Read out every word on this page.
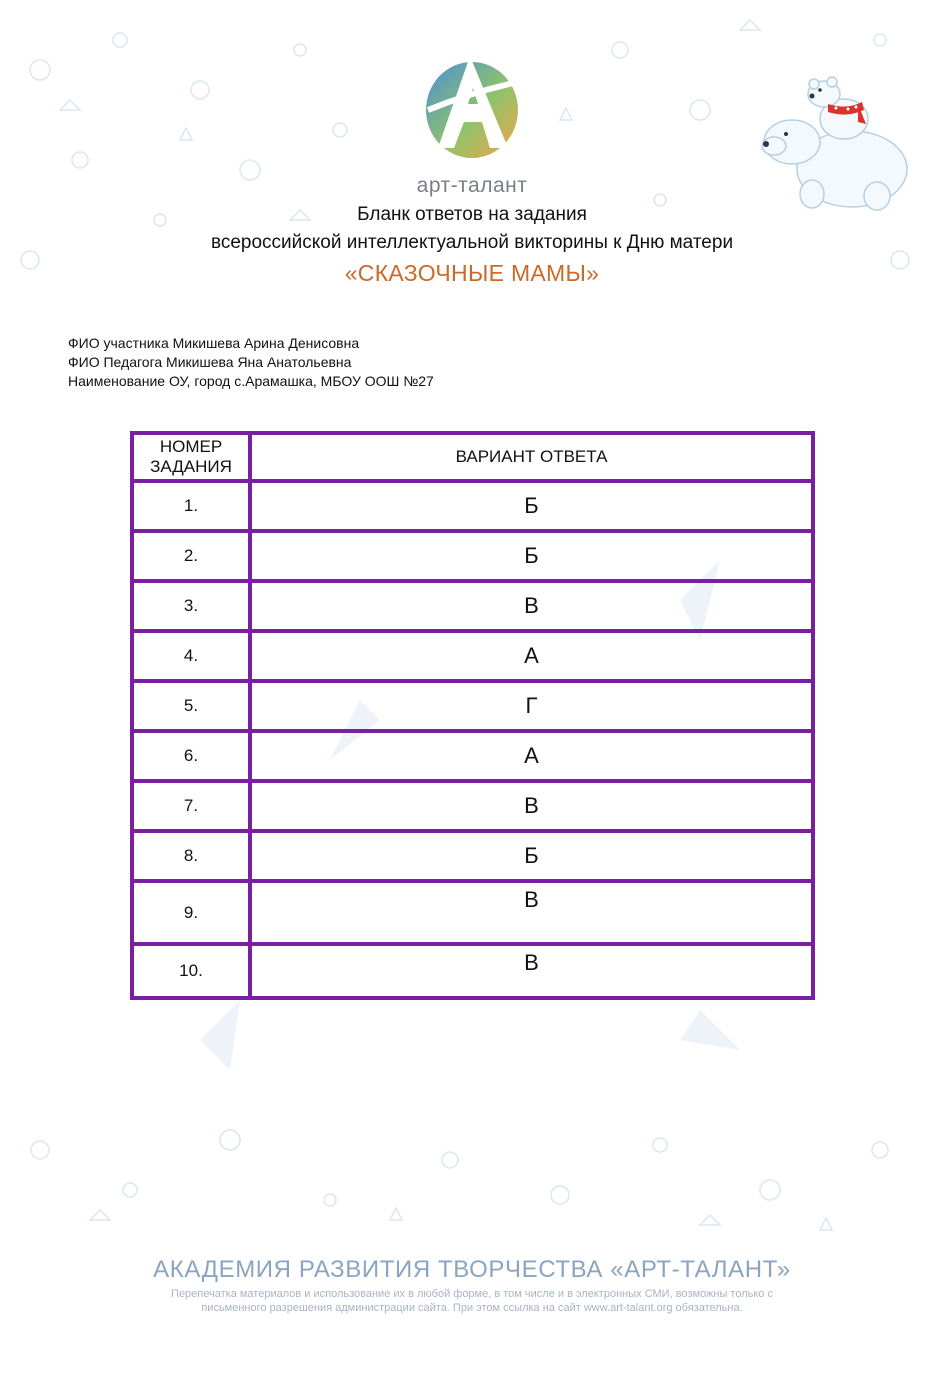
арт-талант
Бланк ответов на задания
всероссийской интеллектуальной викторины к Дню матери
«СКАЗОЧНЫЕ МАМЫ»
ФИО участника Микишева Арина Денисовна
ФИО Педагога Микишева Яна Анатольевна
Наименование ОУ, город с.Арамашка, МБОУ ООШ №27
НОМЕР
ЗАДАНИЯ	ВАРИАНТ ОТВЕТА
1.	Б
2.	Б
3.	В
4.	А
5.	Г
6.	А
7.	В
8.	Б
9.	В
10.	В
АКАДЕМИЯ РАЗВИТИЯ ТВОРЧЕСТВА «АРТ-ТАЛАНТ»
Перепечатка материалов и использование их в любой форме, в том числе и в электронных СМИ, возможны только с
письменного разрешения администрации сайта. При этом ссылка на сайт www.art-talant.org обязательна.
